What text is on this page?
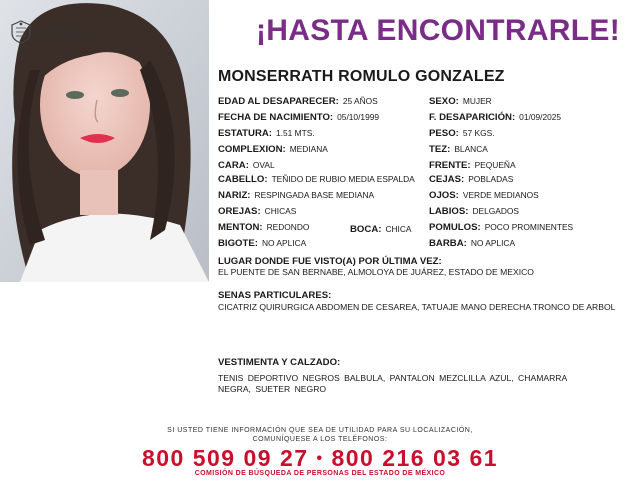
GOBIERNO DEL
ESTADO DE MÉXICO	¡HASTA ENCONTRARLE!
MONSERRATH ROMULO GONZALEZ
EDAD AL DESAPARECER: 25 AÑOS
FECHA DE NACIMIENTO: 05/10/1999
ESTATURA: 1.51 MTS.
COMPLEXION: MEDIANA
CARA: OVAL
CABELLO: TEÑIDO DE RUBIO MEDIA ESPALDA
NARIZ: RESPINGADA BASE MEDIANA
OREJAS: CHICAS
MENTON: REDONDO	BOCA: CHICA
BIGOTE: NO APLICA
SEXO: MUJER
F. DESAPARICIÓN: 01/09/2025
PESO: 57 KGS.
TEZ: BLANCA
FRENTE: PEQUEÑA
CEJAS: POBLADAS
OJOS: VERDE MEDIANOS
LABIOS: DELGADOS
POMULOS: POCO PROMINENTES
BARBA: NO APLICA
LUGAR DONDE FUE VISTO(A) POR ÚLTIMA VEZ:
EL PUENTE DE SAN BERNABE, ALMOLOYA DE JUÁREZ, ESTADO DE MEXICO
SENAS PARTICULARES:
CICATRIZ QUIRURGICA ABDOMEN DE CESAREA, TATUAJE MANO DERECHA TRONCO DE ARBOL
VESTIMENTA Y CALZADO:
TENIS DEPORTIVO NEGROS BALBULA, PANTALON MEZCLILLA AZUL, CHAMARRA NEGRA, SUETER NEGRO
SI USTED TIENE INFORMACIÓN QUE SEA DE UTILIDAD PARA SU LOCALIZACIÓN,
COMUNÍQUESE A LOS TELÉFONOS:
800 509 09 27 • 800 216 03 61
COMISIÓN DE BÚSQUEDA DE PERSONAS DEL ESTADO DE MÉXICO
